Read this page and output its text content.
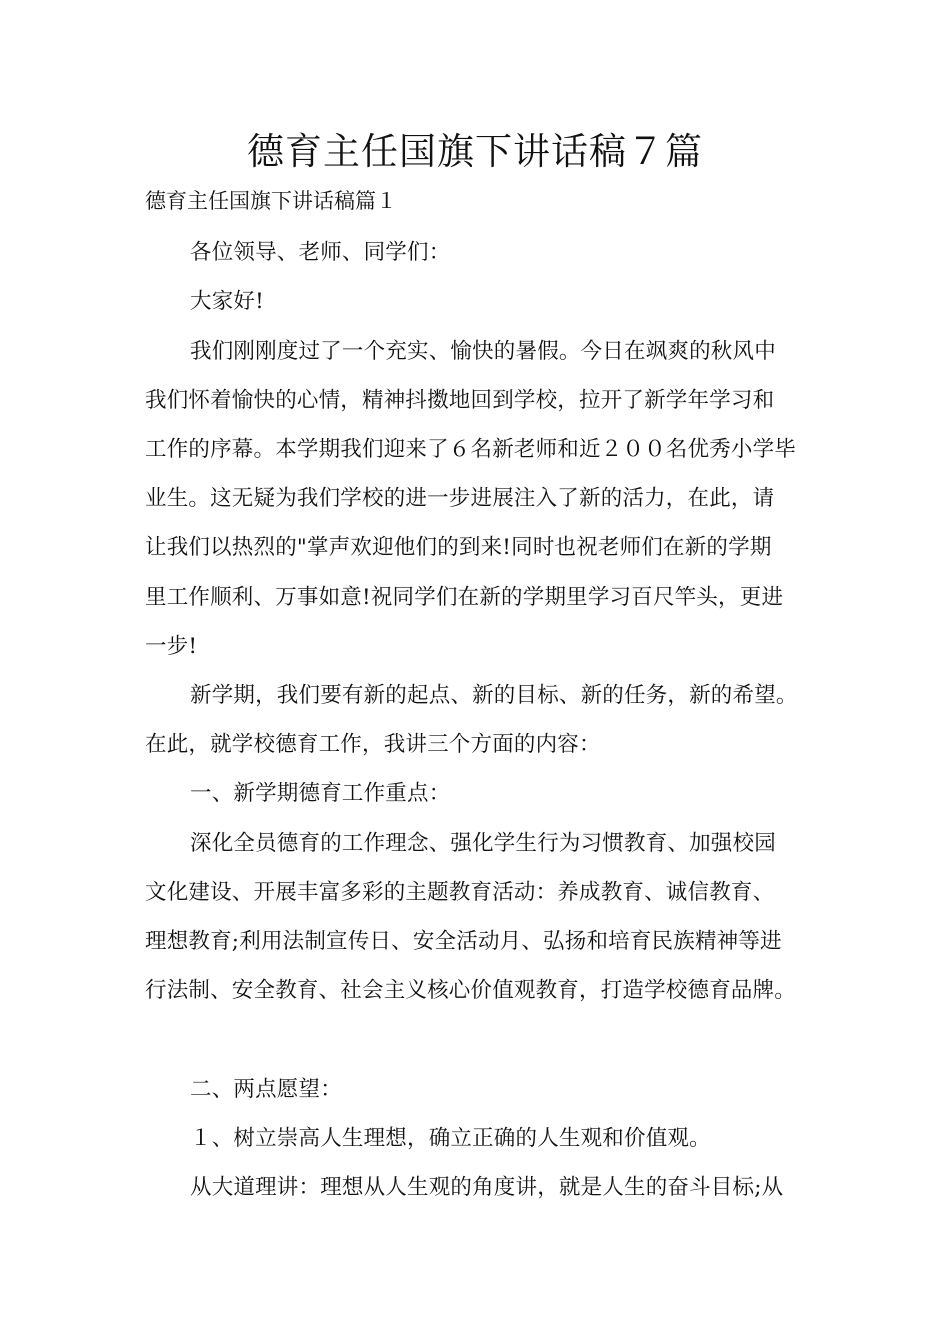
德育主任国旗下讲话稿７篇
德育主任国旗下讲话稿篇１
各位领导、老师、同学们：
大家好!
我们刚刚度过了一个充实、愉快的暑假。今日在飒爽的秋风中
我们怀着愉快的心情，精神抖擞地回到学校，拉开了新学年学习和
工作的序幕。本学期我们迎来了６名新老师和近２００名优秀小学毕
业生。这无疑为我们学校的进一步进展注入了新的活力，在此，请
让我们以热烈的"掌声欢迎他们的到来!同时也祝老师们在新的学期
里工作顺利、万事如意!祝同学们在新的学期里学习百尺竿头，更进
一步!
新学期，我们要有新的起点、新的目标、新的任务，新的希望。
在此，就学校德育工作，我讲三个方面的内容：
一、新学期德育工作重点：
深化全员德育的工作理念、强化学生行为习惯教育、加强校园
文化建设、开展丰富多彩的主题教育活动：养成教育、诚信教育、
理想教育;利用法制宣传日、安全活动月、弘扬和培育民族精神等进
行法制、安全教育、社会主义核心价值观教育，打造学校德育品牌。
二、两点愿望：
１、树立崇高人生理想，确立正确的人生观和价值观。
从大道理讲：理想从人生观的角度讲，就是人生的奋斗目标;从
